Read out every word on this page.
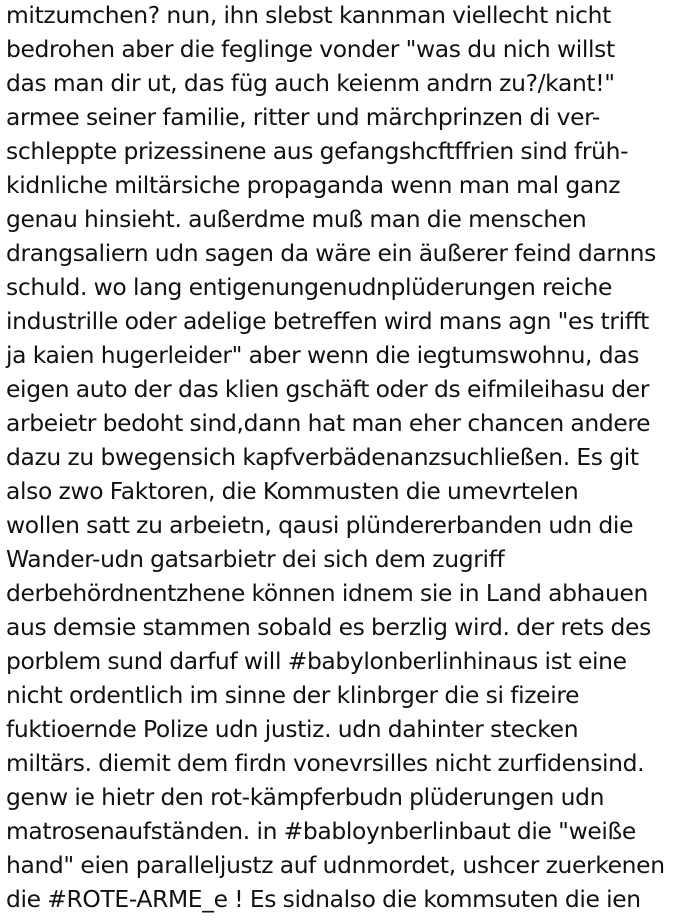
mitzumchen? nun, ihn slebst kannman viellecht nicht
bedrohen aber die feglinge vonder "was du nich willst
das man dir ut, das füg auch keienm andrn zu?/kant!"
armee seiner familie, ritter und märchprinzen di ver-
schleppte prizessinene aus gefangshcftffrien sind früh-
kidnliche miltärsiche propaganda wenn man mal ganz
genau hinsieht. außerdme muß man die menschen
drangsaliern udn sagen da wäre ein äußerer feind darnns
schuld. wo lang entigenungenudnplüderungen reiche
industrille oder adelige betreffen wird mans agn "es trifft
ja kaien hugerleider" aber wenn die iegtumswohnu, das
eigen auto der das klien gschäft oder ds eifmileihasu der
arbeietr bedoht sind,dann hat man eher chancen andere
dazu zu bwegensich kapfverbädenanzsuchließen. Es git
also zwo Faktoren, die Kommusten die umevrtelen
wollen satt zu arbeietn, qausi plündererbanden udn die
Wander-udn gatsarbietr dei sich dem zugriff
derbehördnentzhene können idnem sie in Land abhauen
aus demsie stammen sobald es berzlig wird. der rets des
porblem sund darfuf will #babylonberlinhinaus ist eine
nicht ordentlich im sinne der klinbrger die si fizeire
fuktioernde Polize udn justiz. udn dahinter stecken
miltärs. diemit dem firdn vonevrsilles nicht zurfidensind.
genw ie hietr den rot-kämpferbudn plüderungen udn
matrosenaufständen. in #babloynberlinbaut die "weiße
hand" eien paralleljustz auf udnmordet, ushcer zuerkenen
die #ROTE-ARME_e ! Es sidnalso die kommsuten die ien
